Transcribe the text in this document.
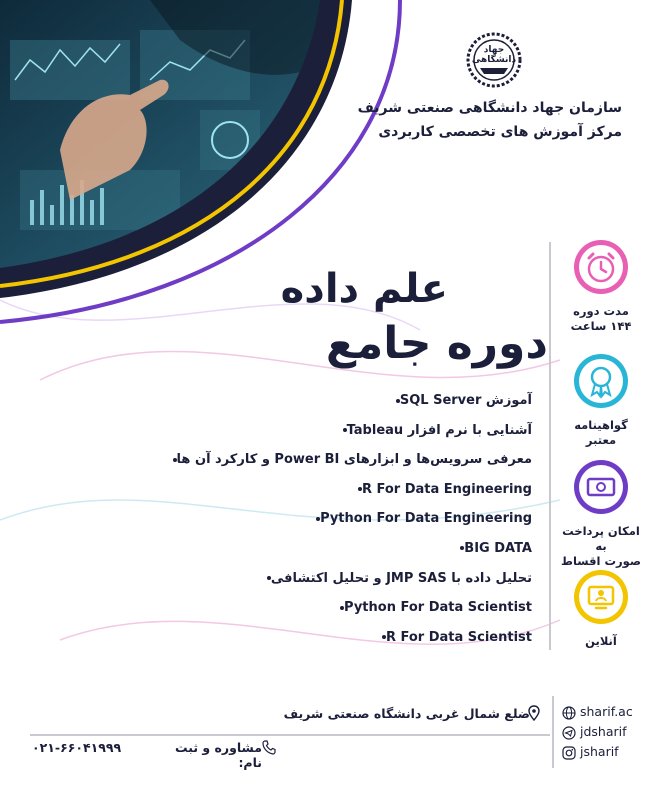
جهاد دانشگاهی
سازمان جهاد دانشگاهی صنعتی شریف
مرکز آموزش های تخصصی کاربردی
علم داده
دوره جامع
آموزش SQL Server
آشنایی با نرم افزار Tableau
معرفی سرویس‌ها و ابزارهای Power BI و کارکرد آن ها
R For Data Engineering
Python For Data Engineering
BIG DATA
تحلیل داده با JMP SAS و تحلیل اکتشافی
Python For Data Scientist
R For Data Scientist
مدت دوره
۱۴۴ ساعت
گواهینامه
معتبر
امکان پرداخت به
صورت اقساط
آنلاین
ضلع شمال غربی دانشگاه صنعتی شریف
مشاوره و ثبت نام:
۰۲۱-۶۶۰۴۱۹۹۹
sharif.ac
jdsharif
jsharif
